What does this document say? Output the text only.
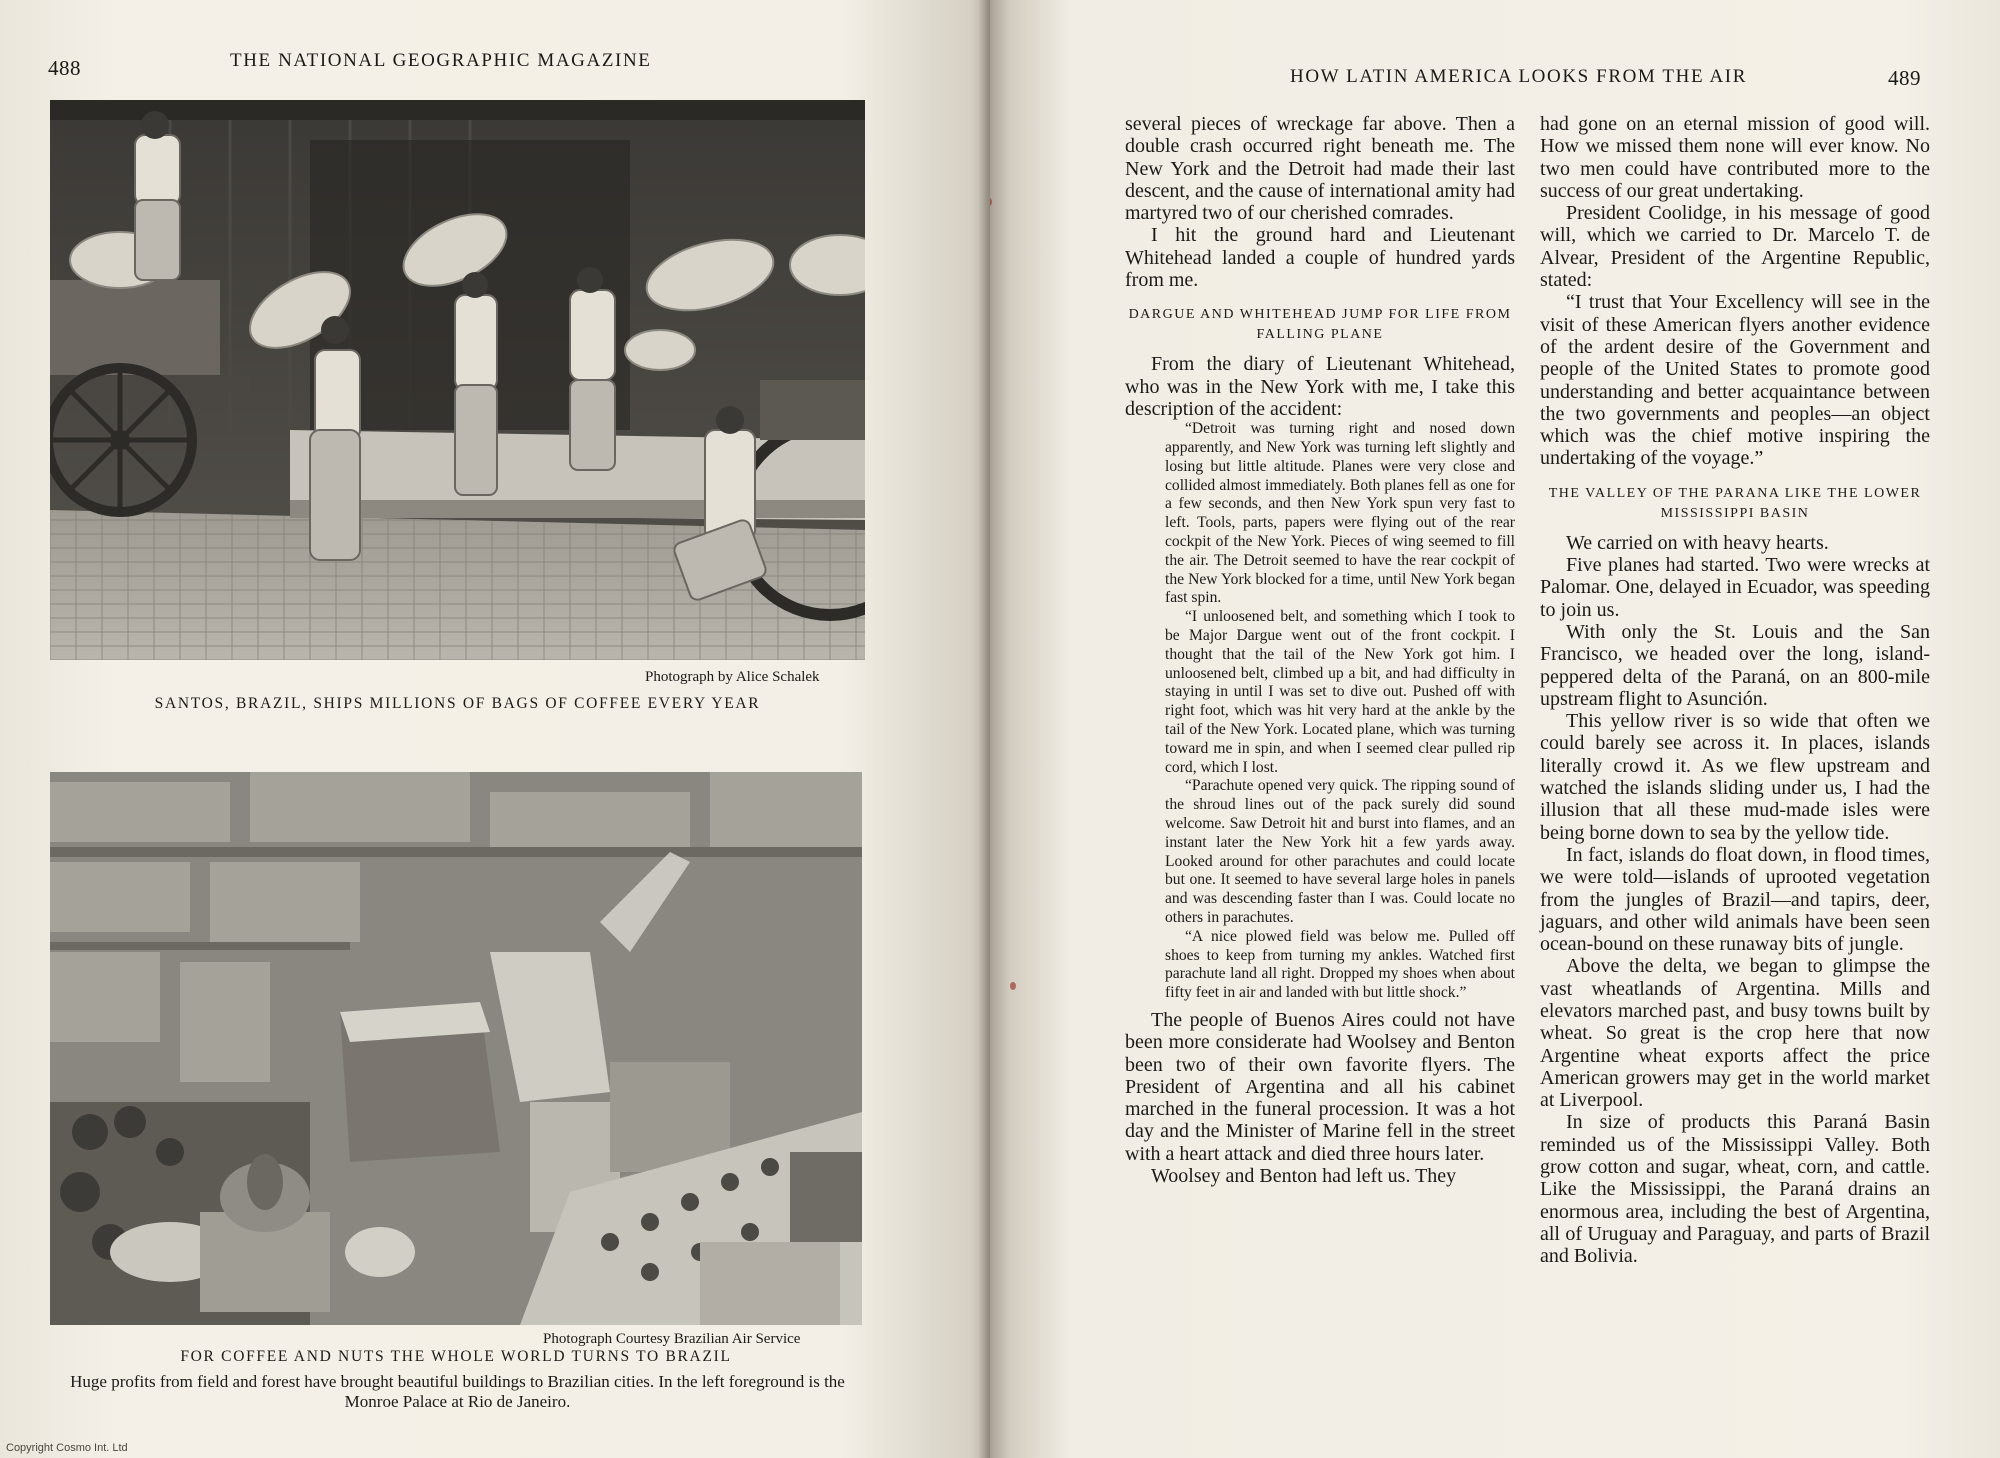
488	THE NATIONAL GEOGRAPHIC MAGAZINE
Photograph by Alice Schalek
SANTOS, BRAZIL, SHIPS MILLIONS OF BAGS OF COFFEE EVERY YEAR
Photograph Courtesy Brazilian Air Service
FOR COFFEE AND NUTS THE WHOLE WORLD TURNS TO BRAZIL
Huge profits from field and forest have brought beautiful buildings to Brazilian cities. In the left foreground is the Monroe Palace at Rio de Janeiro.
Copyright Cosmo Int. Ltd
HOW LATIN AMERICA LOOKS FROM THE AIR	489

several pieces of wreckage far above. Then a double crash occurred right beneath me. The New York and the Detroit had made their last descent, and the cause of international amity had martyred two of our cherished comrades.

I hit the ground hard and Lieutenant Whitehead landed a couple of hundred yards from me.

DARGUE AND WHITEHEAD JUMP FOR LIFE FROM FALLING PLANE

From the diary of Lieutenant Whitehead, who was in the New York with me, I take this description of the accident:

“Detroit was turning right and nosed down apparently, and New York was turning left slightly and losing but little altitude. Planes were very close and collided almost immediately. Both planes fell as one for a few seconds, and then New York spun very fast to left. Tools, parts, papers were flying out of the rear cockpit of the New York. Pieces of wing seemed to fill the air. The Detroit seemed to have the rear cockpit of the New York blocked for a time, until New York began fast spin.

“I unloosened belt, and something which I took to be Major Dargue went out of the front cockpit. I thought that the tail of the New York got him. I unloosened belt, climbed up a bit, and had difficulty in staying in until I was set to dive out. Pushed off with right foot, which was hit very hard at the ankle by the tail of the New York. Located plane, which was turning toward me in spin, and when I seemed clear pulled rip cord, which I lost.

“Parachute opened very quick. The ripping sound of the shroud lines out of the pack surely did sound welcome. Saw Detroit hit and burst into flames, and an instant later the New York hit a few yards away. Looked around for other parachutes and could locate but one. It seemed to have several large holes in panels and was descending faster than I was. Could locate no others in parachutes.

“A nice plowed field was below me. Pulled off shoes to keep from turning my ankles. Watched first parachute land all right. Dropped my shoes when about fifty feet in air and landed with but little shock.”

The people of Buenos Aires could not have been more considerate had Woolsey and Benton been two of their own favorite flyers. The President of Argentina and all his cabinet marched in the funeral procession. It was a hot day and the Minister of Marine fell in the street with a heart attack and died three hours later.

Woolsey and Benton had left us. They

had gone on an eternal mission of good will. How we missed them none will ever know. No two men could have contributed more to the success of our great undertaking.

President Coolidge, in his message of good will, which we carried to Dr. Marcelo T. de Alvear, President of the Argentine Republic, stated:

“I trust that Your Excellency will see in the visit of these American flyers another evidence of the ardent desire of the Government and people of the United States to promote good understanding and better acquaintance between the two governments and peoples—an object which was the chief motive inspiring the undertaking of the voyage.”

THE VALLEY OF THE PARANA LIKE THE LOWER MISSISSIPPI BASIN

We carried on with heavy hearts.

Five planes had started. Two were wrecks at Palomar. One, delayed in Ecuador, was speeding to join us.

With only the St. Louis and the San Francisco, we headed over the long, island-peppered delta of the Paraná, on an 800-mile upstream flight to Asunción.

This yellow river is so wide that often we could barely see across it. In places, islands literally crowd it. As we flew upstream and watched the islands sliding under us, I had the illusion that all these mud-made isles were being borne down to sea by the yellow tide.

In fact, islands do float down, in flood times, we were told—islands of uprooted vegetation from the jungles of Brazil—and tapirs, deer, jaguars, and other wild animals have been seen ocean-bound on these runaway bits of jungle.

Above the delta, we began to glimpse the vast wheatlands of Argentina. Mills and elevators marched past, and busy towns built by wheat. So great is the crop here that now Argentine wheat exports affect the price American growers may get in the world market at Liverpool.

In size of products this Paraná Basin reminded us of the Mississippi Valley. Both grow cotton and sugar, wheat, corn, and cattle. Like the Mississippi, the Paraná drains an enormous area, including the best of Argentina, all of Uruguay and Paraguay, and parts of Brazil and Bolivia.
